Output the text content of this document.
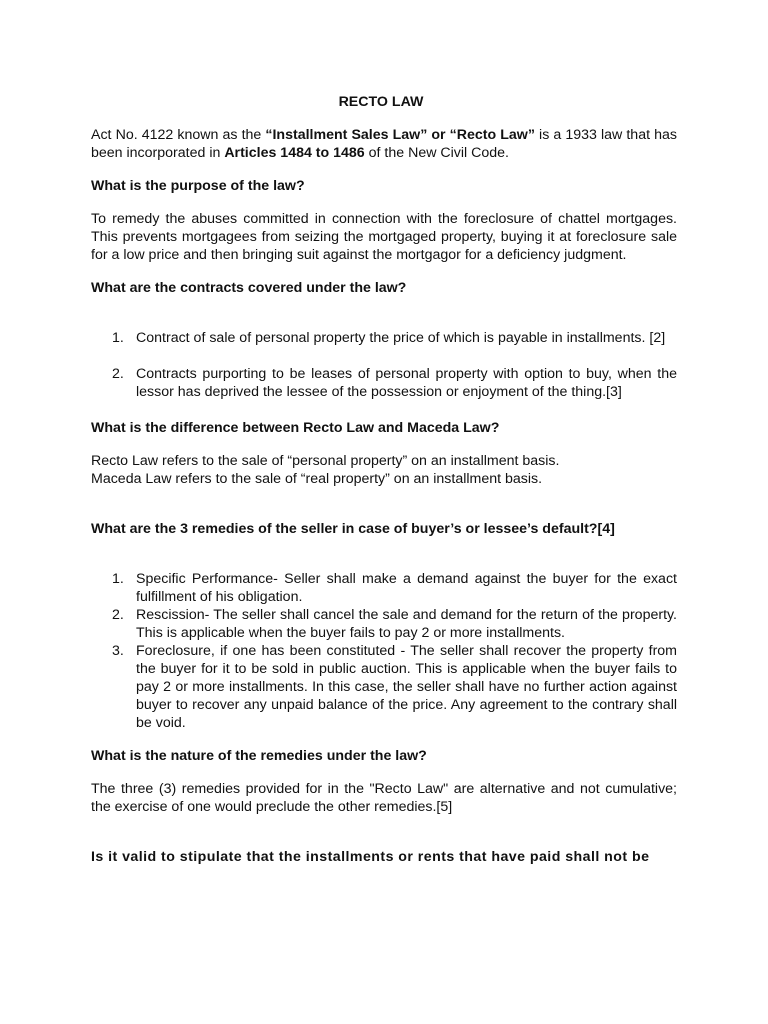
RECTO LAW

Act No. 4122 known as the “Installment Sales Law” or “Recto Law” is a 1933 law that has been incorporated in Articles 1484 to 1486 of the New Civil Code.

What is the purpose of the law?

To remedy the abuses committed in connection with the foreclosure of chattel mortgages. This prevents mortgagees from seizing the mortgaged property, buying it at foreclosure sale for a low price and then bringing suit against the mortgagor for a deficiency judgment.

What are the contracts covered under the law?

1. Contract of sale of personal property the price of which is payable in installments. [2]
2. Contracts purporting to be leases of personal property with option to buy, when the lessor has deprived the lessee of the possession or enjoyment of the thing.[3]

What is the difference between Recto Law and Maceda Law?

Recto Law refers to the sale of “personal property” on an installment basis.

Maceda Law refers to the sale of “real property” on an installment basis.

What are the 3 remedies of the seller in case of buyer’s or lessee’s default?[4]

1. Specific Performance- Seller shall make a demand against the buyer for the exact fulfillment of his obligation.
2. Rescission- The seller shall cancel the sale and demand for the return of the property. This is applicable when the buyer fails to pay 2 or more installments.
3. Foreclosure, if one has been constituted - The seller shall recover the property from the buyer for it to be sold in public auction. This is applicable when the buyer fails to pay 2 or more installments. In this case, the seller shall have no further action against buyer to recover any unpaid balance of the price. Any agreement to the contrary shall be void.

What is the nature of the remedies under the law?

The three (3) remedies provided for in the "Recto Law" are alternative and not cumulative; the exercise of one would preclude the other remedies.[5]

Is it valid to stipulate that the installments or rents that have paid shall not be
